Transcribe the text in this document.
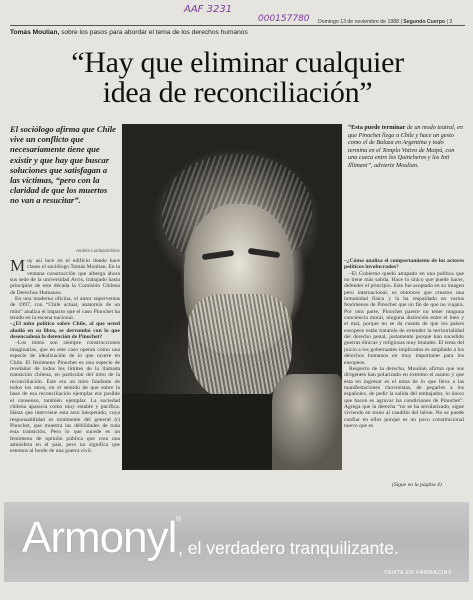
AAF 3231
000157780 Domingo 13 de noviembre de 1988 | Segundo Cuerpo | 3
Tomás Moulian, sobre los pasos para abordar el tema de los derechos humanos
“Hay que eliminar cualquier
idea de reconciliación”
El sociólogo afirma que Chile vive un conflicto que necesariamente tiene que existir y que hay que buscar soluciones que satisfagan a las víctimas, “pero con la claridad de que los muertos no van a resucitar”.
Andrés Lombardo/Sos
“Esta puede terminar de un modo teatral, en que Pinochet llega a Chile y hace un gesto como el de Balaza en Argentina y todo termina en el Templo Votivo de Maipú, con una cueca entre los Quincheros y los Inti Illimani”, advierte Moulian.

Muy así luce en el edificio donde hace clases el sociólogo Tomás Moulian. En la ventana construcción que alberga ahora sus sede de la universidad Arcis, trabajado hasta principios de este década la Comisión Chilena de Derechos Humanos.

En una moderna oficina, el autor superventas de 1997, con “Chile actual, anatomía de un mito” analiza el impacto que el caso Pinochet ha tenido en la escena nacional.

–¿El mito político sobre Chile, al que usted aludió en su libro, se derrumbó con lo que desencadenó la detención de Pinochet?

–Los mitos son siempre construcciones imaginarias, que en este caso operan como una especie de idealización de lo que ocurre en Chile. El fenómeno Pinochet es una especie de revelador de todos los límites de la llamada transición chilena, en particular del mito de la reconciliación. Este era un mito fundante de todos los otros, en el sentido de que sobre la base de esa reconciliación ejemplar era posible el consenso, también ejemplar. La sociedad chilena aparecía como muy estable y pacífica. Hasta que interviene esta acto inesperado, cuya responsabilidad es totalmente del general (r) Pinochet, que muestra las debilidades de toda esta transición. Pero lo que sucede es un fenómeno de opinión pública que crea una atmósfera en el país, pero no significa que estemos al borde de una guerra civil.

–¿Cómo analiza el comportamiento de los actores políticos involucrados?

–El Gobierno quedó atrapado en una política que no tiene más salida. Hace lo único que puede hacer, defender el principio. Este fue aceptado en su imagen pero internacional, es entonces que crearon una inmunidad física y la ha respaldado en varios fenómenos de Pinochet que un fin de que no viajara. Por otra parte, Pinochet parece no tener ninguna conciencia moral, ninguna distinción entre el bien y el mal, porque no se da cuenta de que los países europeos están tratando de extender la territorialidad del derecho penal, justamente porque han sucedido guerras étnicas y religiosas muy brutales. El tema del juicio a los gobernantes implicados es ampliado a los derechos humanos en muy importante para los europeos.

Respecto de la derecha, Moulian afirma que sus dirigentes han polarizado en extremo el asunto y que ésta en ingresar es el tema de lo que lleva a las manifestaciones chovinistas, de pegarles a los españoles, de pedir la salida del embajador, lo único que hacen es agravar las condiciones de Pinochet”. Agrega que la derecha “no se ha secularizado, sigue viviendo en torno al caudillo del héroe. No se puede confiar en ellos porque es un poco constitucional nuevo que es

(Sigue en la página 4)
Armonyl ®
, el verdadero tranquilizante.
VENTA EN FARMACIAS
